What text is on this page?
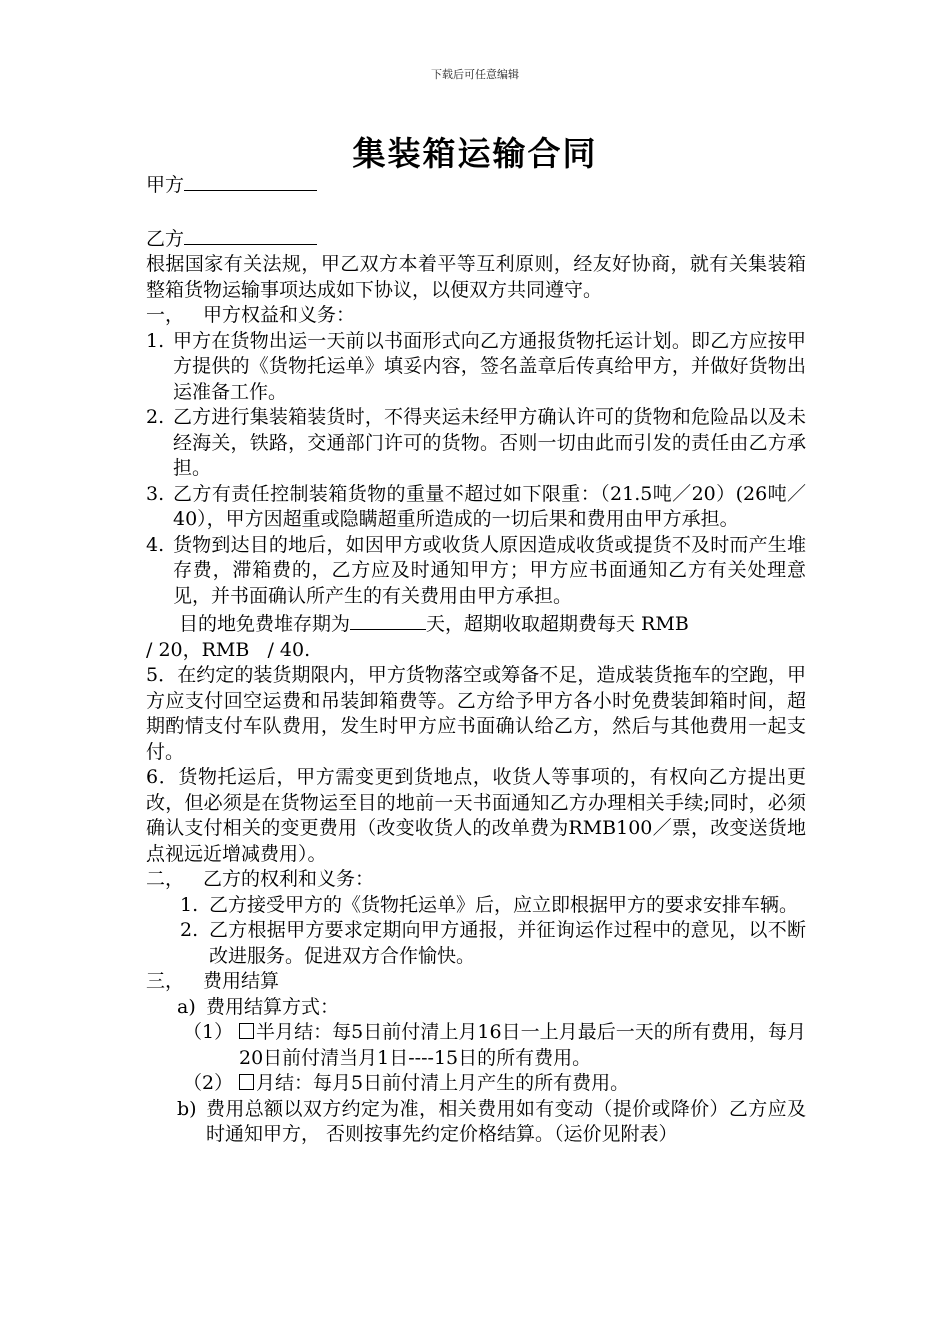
下载后可任意编辑
集装箱运输合同

甲方

乙方

根据国家有关法规，甲乙双方本着平等互利原则，经友好协商，就有关集装箱整箱货物运输事项达成如下协议，以便双方共同遵守。

一， 甲方权益和义务：
1. 甲方在货物出运一天前以书面形式向乙方通报货物托运计划。即乙方应按甲方提供的《货物托运单》填妥内容，签名盖章后传真给甲方，并做好货物出运准备工作。
2. 乙方进行集装箱装货时，不得夹运未经甲方确认许可的货物和危险品以及未经海关，铁路，交通部门许可的货物。否则一切由此而引发的责任由乙方承担。
3. 乙方有责任控制装箱货物的重量不超过如下限重：（21.5吨／20）(26吨／40），甲方因超重或隐瞒超重所造成的一切后果和费用由甲方承担。
4. 货物到达目的地后，如因甲方或收货人原因造成收货或提货不及时而产生堆存费，滞箱费的，乙方应及时通知甲方；甲方应书面通知乙方有关处理意见，并书面确认所产生的有关费用由甲方承担。

目的地免费堆存期为	天，超期收取超期费每天 RMB

/ 20，RMB / 40.

5．在约定的装货期限内，甲方货物落空或筹备不足，造成装货拖车的空跑，甲方应支付回空运费和吊装卸箱费等。乙方给予甲方各小时免费装卸箱时间，超期酌情支付车队费用，发生时甲方应书面确认给乙方，然后与其他费用一起支付。

6．货物托运后，甲方需变更到货地点，收货人等事项的，有权向乙方提出更改，但必须是在货物运至目的地前一天书面通知乙方办理相关手续;同时，必须确认支付相关的变更费用（改变收货人的改单费为RMB100／票，改变送货地点视远近增减费用）。

二， 乙方的权利和义务：
1. 乙方接受甲方的《货物托运单》后，应立即根据甲方的要求安排车辆。
2. 乙方根据甲方要求定期向甲方通报，并征询运作过程中的意见，以不断改进服务。促进双方合作愉快。
三， 费用结算
a) 费用结算方式：
（1）	半月结：每5日前付清上月16日一上月最后一天的所有费用，每月20日前付清当月1日----15日的所有费用。
（2）	月结：每月5日前付清上月产生的所有费用。
b) 费用总额以双方约定为准，相关费用如有变动（提价或降价）乙方应及时通知甲方， 否则按事先约定价格结算。（运价见附表）
